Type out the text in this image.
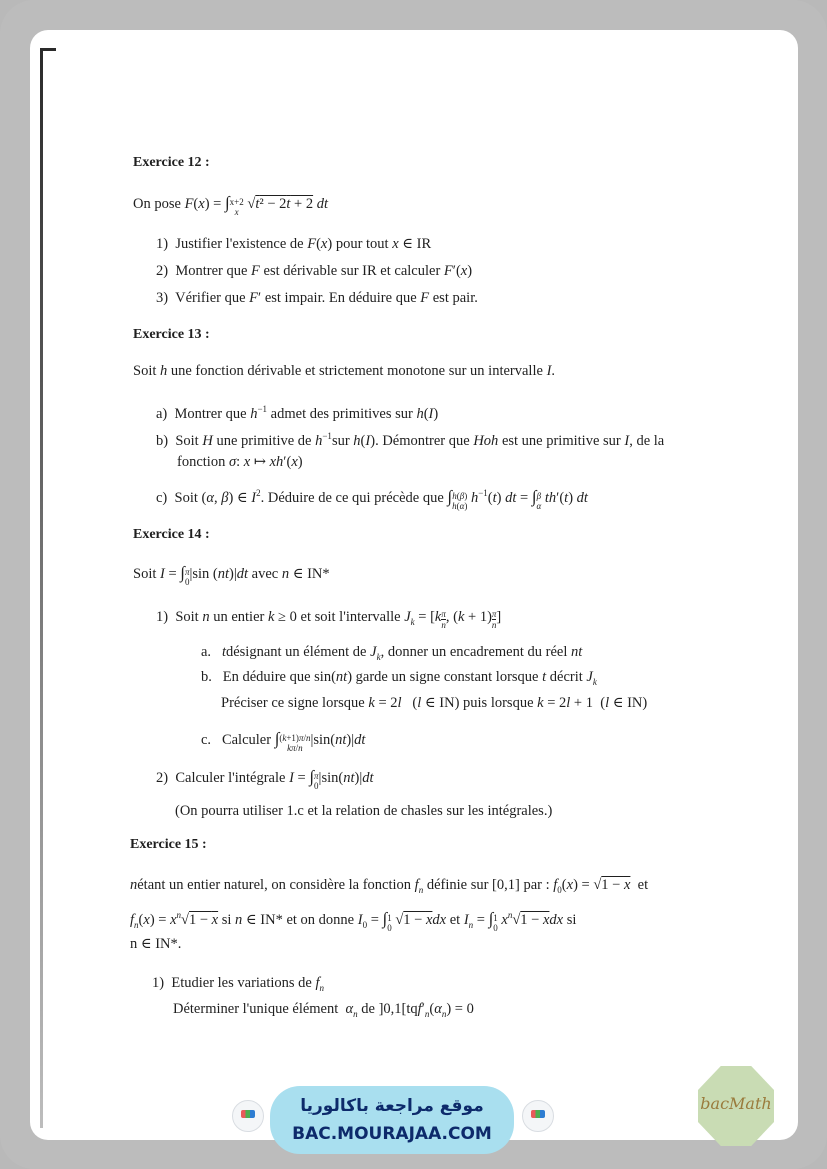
Exercice 12 :
On pose F(x) = ∫ x+2
x √t² − 2t + 2 dt
1) Justifier l'existence de F(x) pour tout x ∈ IR
2) Montrer que F est dérivable sur IR et calculer F′(x)
3) Vérifier que F′ est impair. En déduire que F est pair.
Exercice 13 :
Soit h une fonction dérivable et strictement monotone sur un intervalle I.
a) Montrer que $h^{-1}$ admet des primitives sur h(I)
b) Soit H une primitive de $h^{-1}sur$ h(I). Démontrer que Hoh est une primitive sur I, de la
fonction σ: x ↦ xh′(x)
c) Soit (α, β) ∈ $I^2$. Déduire de ce qui précède que ∫ h(β)
h(α) $h^{-1}(t)$ dt = ∫ β
α th′(t) dt
Exercice 14 :
Soit I = ∫ π
0 |sin (nt)|dt avec n ∈ IN*
1) Soit n un entier k ≥ 0 et soit l'intervalle $J_k = [k \frac{\pi}{n}$ , $(k + 1) \frac{\pi}{n}$ ]
a. tdésignant un élément de $J_k$, donner un encadrement du réel nt
b. En déduire que sin(nt) garde un signe constant lorsque t décrit $J_k$
Préciser ce signe lorsque k = 2l   (l ∈ IN) puis lorsque k = 2l + 1  (l ∈ IN)
c. Calculer ∫ (k+1)π/n
kπ/n |sin(nt)|dt
2) Calculer l'intégrale I = ∫ π
0 |sin(nt)|dt
(On pourra utiliser 1.c et la relation de chasles sur les intégrales.)
Exercice 15 :
nétant un entier naturel, on considère la fonction $f_n$ définie sur [0,1] par : $f_0(x) = √1 - x$ et
$f_n(x) = x^n√1 - x$ si n ∈ IN* et on donne $I_0$ = ∫ 1
0 √1 − xdx et $I_n$ = ∫ 1
0 $x^n√1$ − xdx si
n ∈ IN*.
1) Etudier les variations de $f_n$
Déterminer l'unique élément $\alpha_n$ de ]$0,1[tqf'_n(\alpha_n) = 0$
موقع مراجعة باكالوريا
BAC.MOURAJAA.COM
bacMath
